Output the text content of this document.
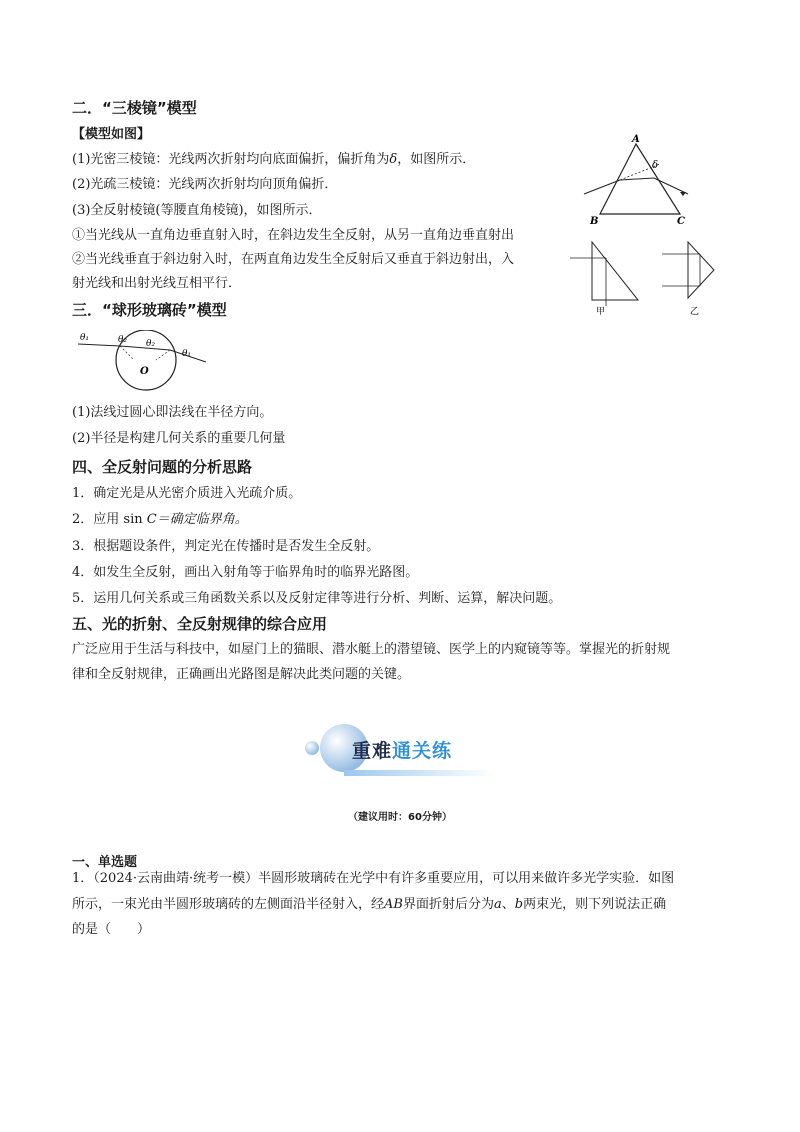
二．“三棱镜”模型
【模型如图】
(1)光密三棱镜：光线两次折射均向底面偏折，偏折角为δ，如图所示．
(2)光疏三棱镜：光线两次折射均向顶角偏折．
(3)全反射棱镜(等腰直角棱镜)，如图所示．
①当光线从一直角边垂直射入时，在斜边发生全反射，从另一直角边垂直射出
②当光线垂直于斜边射入时，在两直角边发生全反射后又垂直于斜边射出，入
射光线和出射光线互相平行．
A
B	C
δ
甲	乙
三．“球形玻璃砖”模型
θ₁	θ₂ θ₂
θ₁
O
(1)法线过圆心即法线在半径方向。
(2)半径是构建几何关系的重要几何量
四、全反射问题的分析思路
1．确定光是从光密介质进入光疏介质。
2．应用 sin C＝确定临界角。
3．根据题设条件，判定光在传播时是否发生全反射。
4．如发生全反射，画出入射角等于临界角时的临界光路图。
5．运用几何关系或三角函数关系以及反射定律等进行分析、判断、运算，解决问题。
五、光的折射、全反射规律的综合应用
广泛应用于生活与科技中，如屋门上的猫眼、潜水艇上的潜望镜、医学上的内窥镜等等。掌握光的折射规
律和全反射规律，正确画出光路图是解决此类问题的关键。
重难通关练
（建议用时：60分钟）
一、单选题
1．（2024·云南曲靖·统考一模）半圆形玻璃砖在光学中有许多重要应用，可以用来做许多光学实验．如图
所示，一束光由半圆形玻璃砖的左侧面沿半径射入，经AB界面折射后分为a、b两束光，则下列说法正确
的是（　　）
